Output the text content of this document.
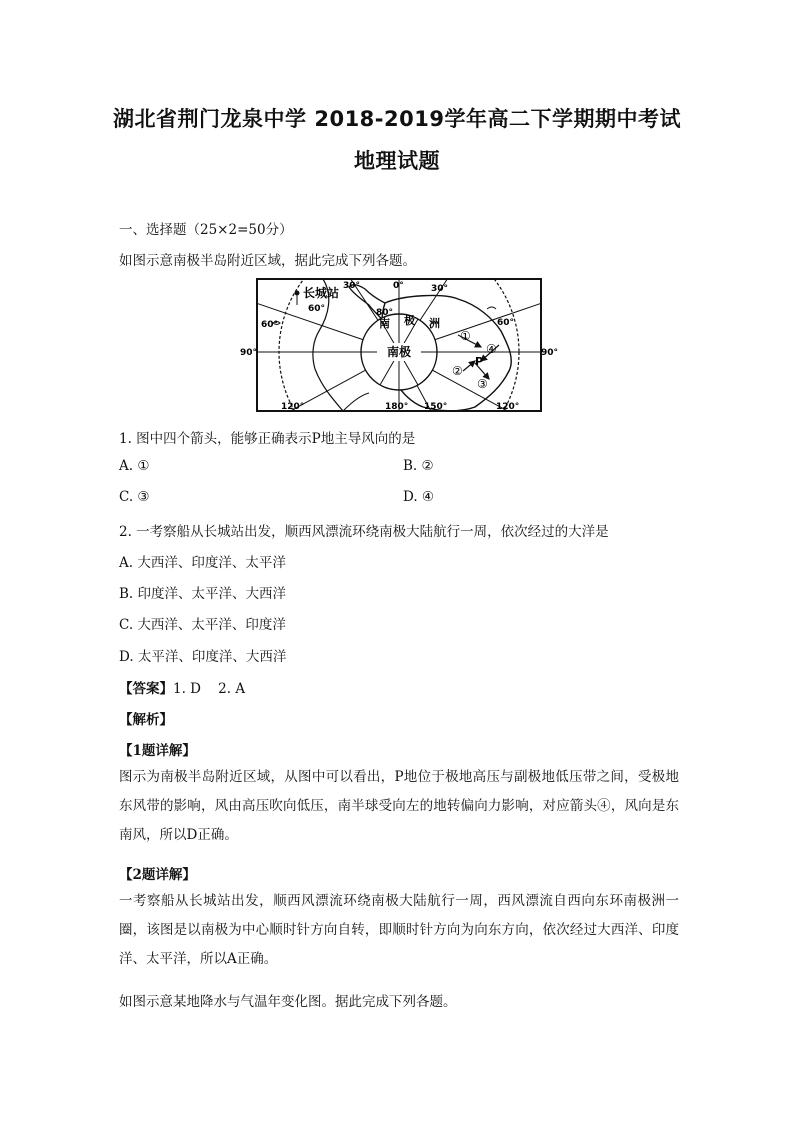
湖北省荆门龙泉中学 2018-2019学年高二下学期期中考试
地理试题
一、选择题（25×2=50分）
如图示意南极半岛附近区域，据此完成下列各题。
南极
南 极 洲
长城站
60°	80°
30°	0°	30°
60°	60°
90°	90°
120°	180° 150°	120°
P
①
②
③
④
1. 图中四个箭头，能够正确表示P地主导风向的是
A. ①	B. ②
C. ③	D. ④
2. 一考察船从长城站出发，顺西风漂流环绕南极大陆航行一周，依次经过的大洋是
A. 大西洋、印度洋、太平洋
B. 印度洋、太平洋、大西洋
C. 大西洋、太平洋、印度洋
D. 太平洋、印度洋、大西洋
【答案】1. D    2. A
【解析】
【1题详解】
图示为南极半岛附近区域，从图中可以看出，P地位于极地高压与副极地低压带之间，受极地东风带的影响，风由高压吹向低压，南半球受向左的地转偏向力影响，对应箭头④，风向是东南风，所以D正确。
【2题详解】
一考察船从长城站出发，顺西风漂流环绕南极大陆航行一周，西风漂流自西向东环南极洲一圈，该图是以南极为中心顺时针方向自转，即顺时针方向为向东方向，依次经过大西洋、印度洋、太平洋，所以A正确。
如图示意某地降水与气温年变化图。据此完成下列各题。
